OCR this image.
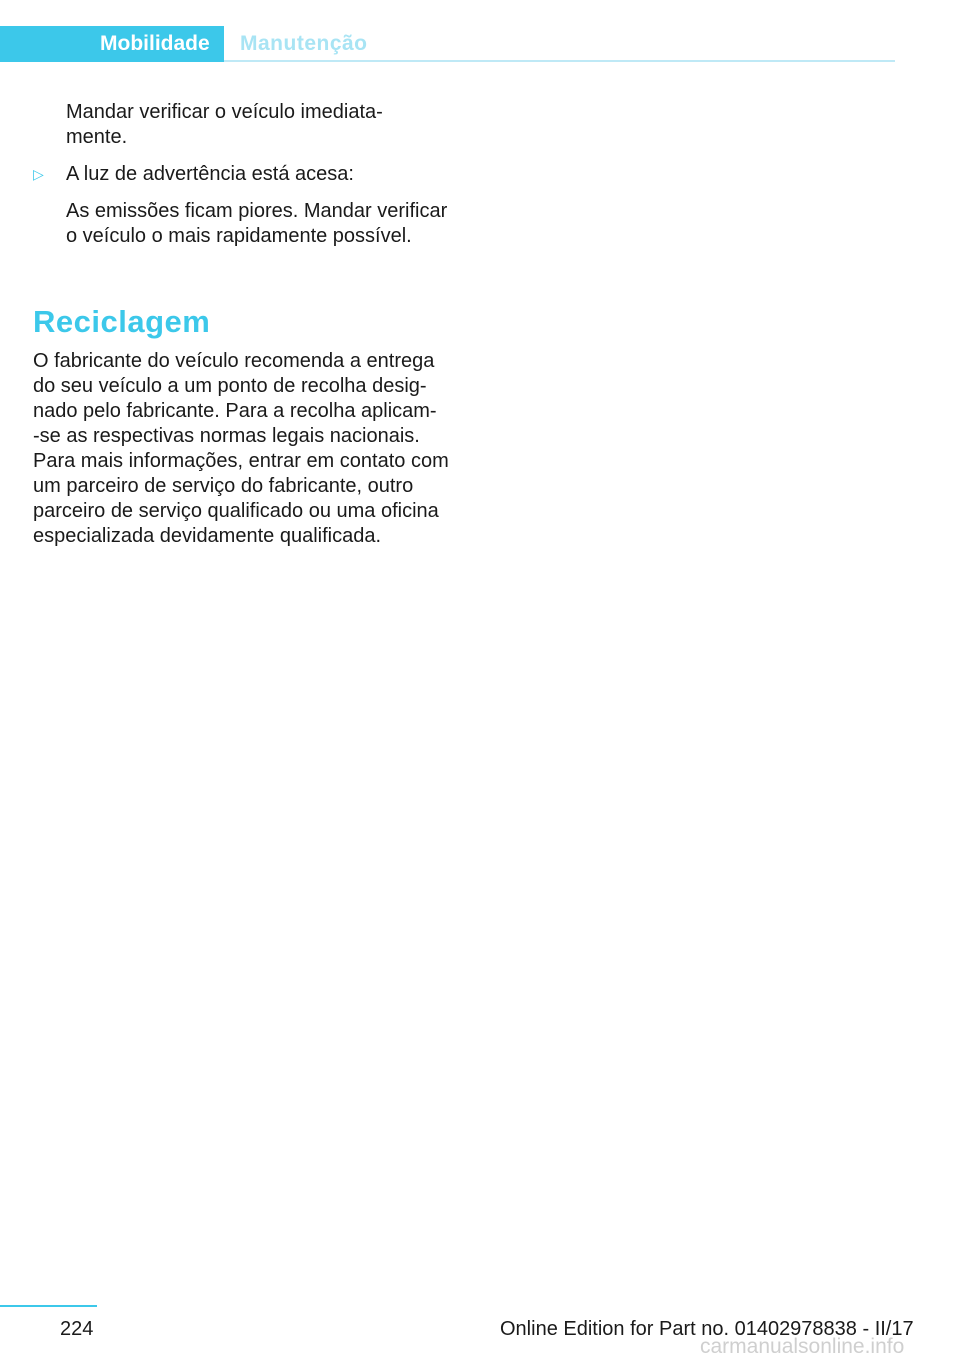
Mobilidade	Manutenção
Mandar verificar o veículo imediata-
mente.
▷ A luz de advertência está acesa:
As emissões ficam piores. Mandar verificar
o veículo o mais rapidamente possível.
Reciclagem
O fabricante do veículo recomenda a entrega
do seu veículo a um ponto de recolha desig-
nado pelo fabricante. Para a recolha aplicam-
-se as respectivas normas legais nacionais.
Para mais informações, entrar em contato com
um parceiro de serviço do fabricante, outro
parceiro de serviço qualificado ou uma oficina
especializada devidamente qualificada.
224	Online Edition for Part no. 01402978838 - II/17
carmanualsonline.info
